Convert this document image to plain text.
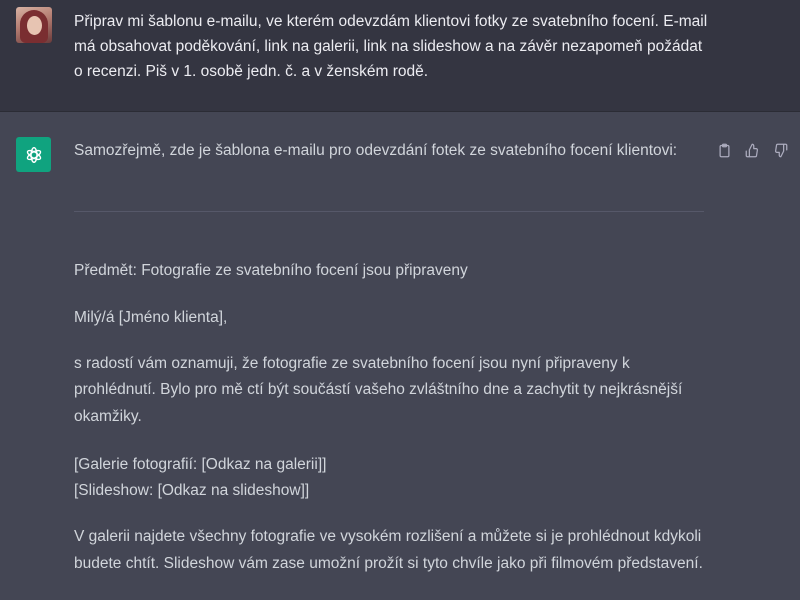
Připrav mi šablonu e-mailu, ve kterém odevzdám klientovi fotky ze svatebního focení. E-mail má obsahovat poděkování, link na galerii, link na slideshow a na závěr nezapomeň požádat o recenzi. Piš v 1. osobě jedn. č. a v ženském rodě.
Samozřejmě, zde je šablona e-mailu pro odevzdání fotek ze svatebního focení klientovi:
Předmět: Fotografie ze svatebního focení jsou připraveny
Milý/á [Jméno klienta],
s radostí vám oznamuji, že fotografie ze svatebního focení jsou nyní připraveny k
prohlédnutí. Bylo pro mě ctí být součástí vašeho zvláštního dne a zachytit ty nejkrásnější
okamžiky.
[Galerie fotografií: [Odkaz na galerii]]
[Slideshow: [Odkaz na slideshow]]
V galerii najdete všechny fotografie ve vysokém rozlišení a můžete si je prohlédnout kdykoli
budete chtít. Slideshow vám zase umožní prožít si tyto chvíle jako při filmovém představení.
